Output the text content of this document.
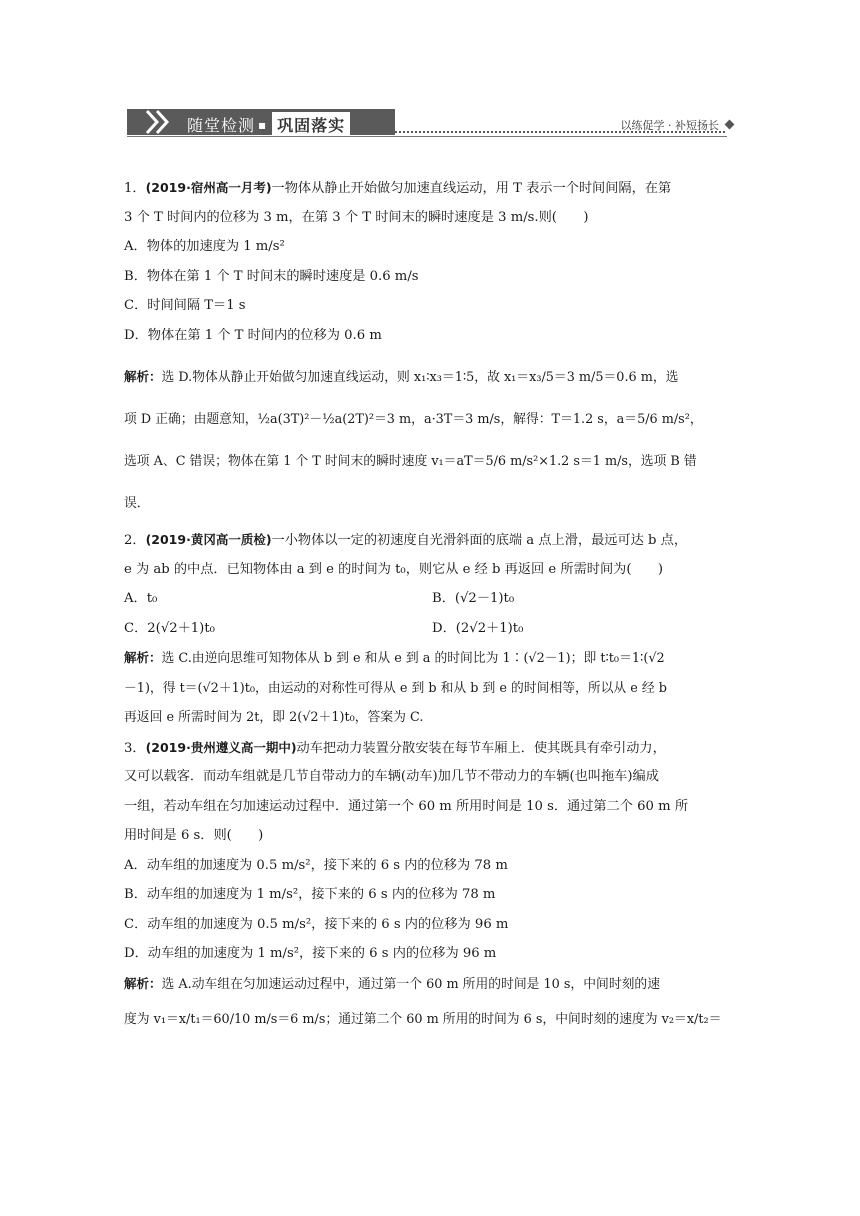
随堂检测 ▪ 巩固落实	以练促学 · 补短扬长

1．(2019·宿州高一月考)一物体从静止开始做匀加速直线运动，用 T 表示一个时间间隔，在第

3 个 T 时间内的位移为 3 m，在第 3 个 T 时间末的瞬时速度是 3 m/s.则(　　)

A．物体的加速度为 1 m/s²

B．物体在第 1 个 T 时间末的瞬时速度是 0.6 m/s

C．时间间隔 T＝1 s

D．物体在第 1 个 T 时间内的位移为 0.6 m

解析：选 D.物体从静止开始做匀加速直线运动，则 x₁∶x₃＝1∶5，故 x₁＝x₃/5＝3 m/5＝0.6 m，选

项 D 正确；由题意知，½a(3T)²－½a(2T)²＝3 m，a·3T＝3 m/s，解得：T＝1.2 s，a＝5/6 m/s²，

选项 A、C 错误；物体在第 1 个 T 时间末的瞬时速度 v₁＝aT＝5/6 m/s²×1.2 s＝1 m/s，选项 B 错

误．

2．(2019·黄冈高一质检)一小物体以一定的初速度自光滑斜面的底端 a 点上滑，最远可达 b 点，

e 为 ab 的中点．已知物体由 a 到 e 的时间为 t₀，则它从 e 经 b 再返回 e 所需时间为(　　)

A．t₀	B．(√2－1)t₀
C．2(√2＋1)t₀	D．(2√2＋1)t₀

解析：选 C.由逆向思维可知物体从 b 到 e 和从 e 到 a 的时间比为 1∶(√2－1)；即 t∶t₀＝1∶(√2

－1)，得 t＝(√2＋1)t₀，由运动的对称性可得从 e 到 b 和从 b 到 e 的时间相等，所以从 e 经 b

再返回 e 所需时间为 2t，即 2(√2＋1)t₀，答案为 C.

3．(2019·贵州遵义高一期中)动车把动力装置分散安装在每节车厢上．使其既具有牵引动力，

又可以载客．而动车组就是几节自带动力的车辆(动车)加几节不带动力的车辆(也叫拖车)编成

一组，若动车组在匀加速运动过程中．通过第一个 60 m 所用时间是 10 s．通过第二个 60 m 所

用时间是 6 s．则(　　)

A．动车组的加速度为 0.5 m/s²，接下来的 6 s 内的位移为 78 m

B．动车组的加速度为 1 m/s²，接下来的 6 s 内的位移为 78 m

C．动车组的加速度为 0.5 m/s²，接下来的 6 s 内的位移为 96 m

D．动车组的加速度为 1 m/s²，接下来的 6 s 内的位移为 96 m

解析：选 A.动车组在匀加速运动过程中，通过第一个 60 m 所用的时间是 10 s，中间时刻的速

度为 v₁＝x/t₁＝60/10 m/s＝6 m/s；通过第二个 60 m 所用的时间为 6 s，中间时刻的速度为 v₂＝x/t₂＝
